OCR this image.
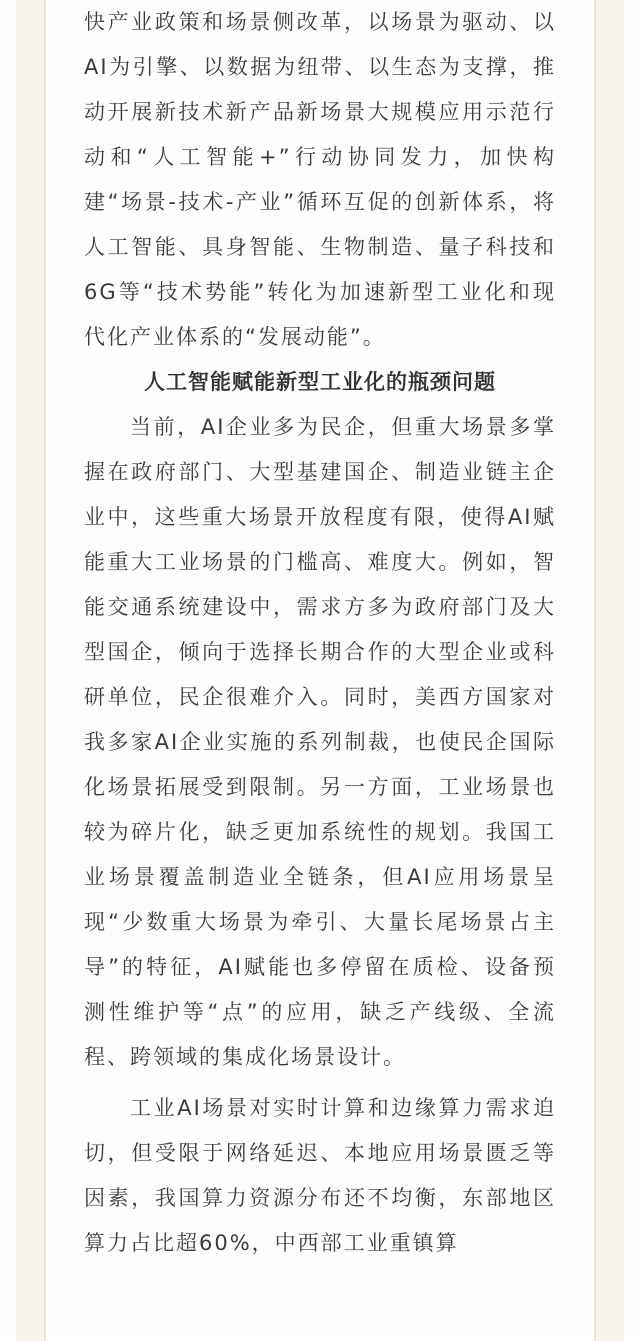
快产业政策和场景侧改革，以场景为驱动、以AI为引擎、以数据为纽带、以生态为支撑，推动开展新技术新产品新场景大规模应用示范行动和“人工智能+”行动协同发力，加快构建“场景-技术-产业”循环互促的创新体系，将人工智能、具身智能、生物制造、量子科技和6G等“技术势能”转化为加速新型工业化和现代化产业体系的“发展动能”。

人工智能赋能新型工业化的瓶颈问题

当前，AI企业多为民企，但重大场景多掌握在政府部门、大型基建国企、制造业链主企业中，这些重大场景开放程度有限，使得AI赋能重大工业场景的门槛高、难度大。例如，智能交通系统建设中，需求方多为政府部门及大型国企，倾向于选择长期合作的大型企业或科研单位，民企很难介入。同时，美西方国家对我多家AI企业实施的系列制裁，也使民企国际化场景拓展受到限制。另一方面，工业场景也较为碎片化，缺乏更加系统性的规划。我国工业场景覆盖制造业全链条，但AI应用场景呈现“少数重大场景为牵引、大量长尾场景占主导”的特征，AI赋能也多停留在质检、设备预测性维护等“点”的应用，缺乏产线级、全流程、跨领域的集成化场景设计。

工业AI场景对实时计算和边缘算力需求迫切，但受限于网络延迟、本地应用场景匮乏等因素，我国算力资源分布还不均衡，东部地区算力占比超60%，中西部工业重镇算
